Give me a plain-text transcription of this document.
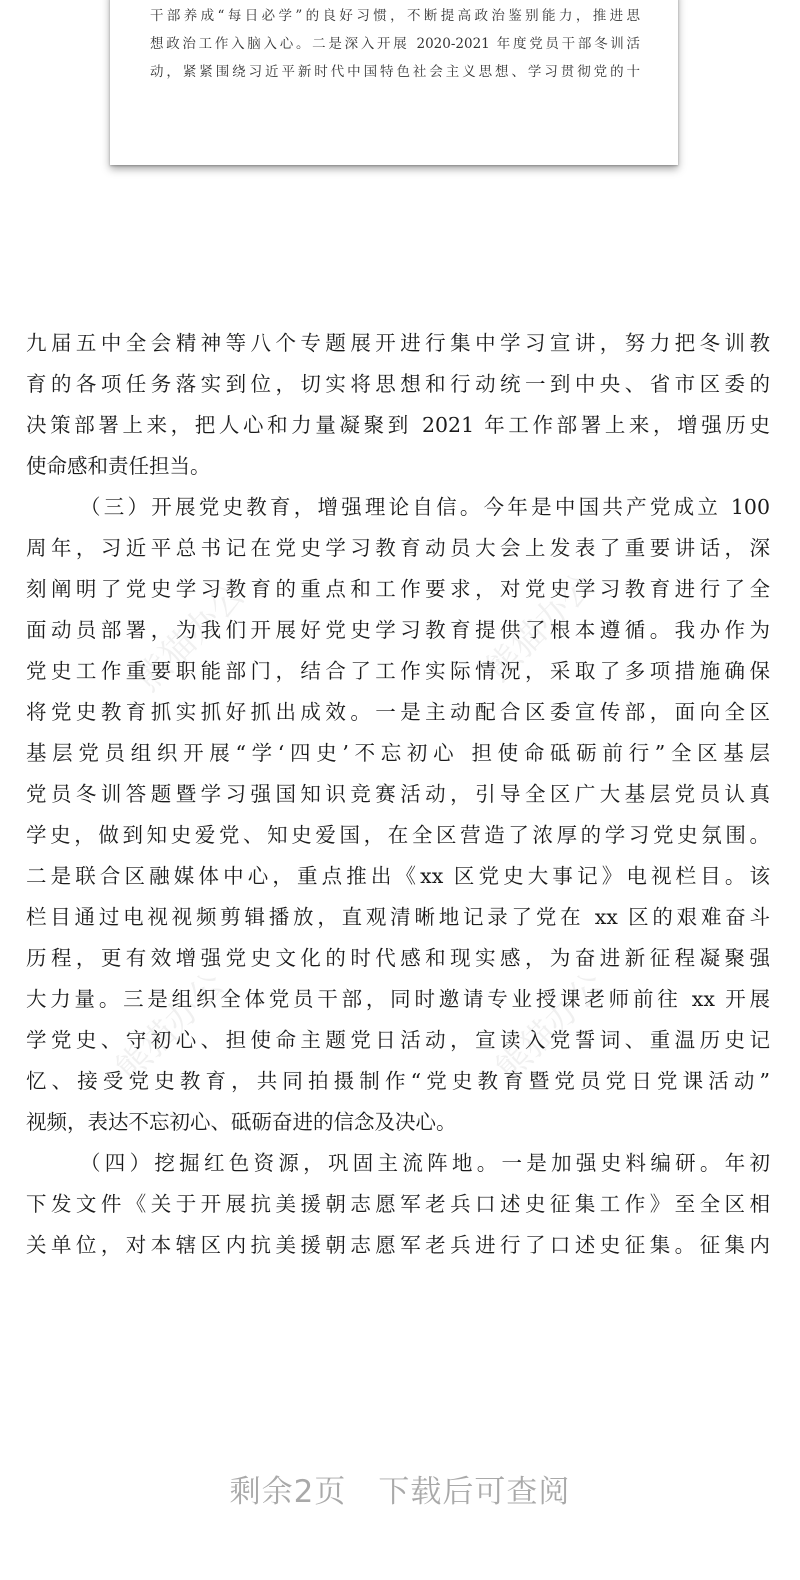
干部养成“每日必学”的良好习惯，不断提高政治鉴别能力，推进思
想政治工作入脑入心。二是深入开展 2020-2021 年度党员干部冬训活
动，紧紧围绕习近平新时代中国特色社会主义思想、学习贯彻党的十
熊猫办公	熊猫办公
熊猫办公	熊猫办公
九届五中全会精神等八个专题展开进行集中学习宣讲，努力把冬训教
育的各项任务落实到位，切实将思想和行动统一到中央、省市区委的
决策部署上来，把人心和力量凝聚到 2021 年工作部署上来，增强历史
使命感和责任担当。
（三）开展党史教育，增强理论自信。今年是中国共产党成立 100
周年，习近平总书记在党史学习教育动员大会上发表了重要讲话，深
刻阐明了党史学习教育的重点和工作要求，对党史学习教育进行了全
面动员部署，为我们开展好党史学习教育提供了根本遵循。我办作为
党史工作重要职能部门，结合了工作实际情况，采取了多项措施确保
将党史教育抓实抓好抓出成效。一是主动配合区委宣传部，面向全区
基层党员组织开展“学‘四史’不忘初心 担使命砥砺前行”全区基层
党员冬训答题暨学习强国知识竞赛活动，引导全区广大基层党员认真
学史，做到知史爱党、知史爱国，在全区营造了浓厚的学习党史氛围。
二是联合区融媒体中心，重点推出《xx 区党史大事记》电视栏目。该
栏目通过电视视频剪辑播放，直观清晰地记录了党在 xx 区的艰难奋斗
历程，更有效增强党史文化的时代感和现实感，为奋进新征程凝聚强
大力量。三是组织全体党员干部，同时邀请专业授课老师前往 xx 开展
学党史、守初心、担使命主题党日活动，宣读入党誓词、重温历史记
忆、接受党史教育，共同拍摄制作“党史教育暨党员党日党课活动”
视频，表达不忘初心、砥砺奋进的信念及决心。
（四）挖掘红色资源，巩固主流阵地。一是加强史料编研。年初
下发文件《关于开展抗美援朝志愿军老兵口述史征集工作》至全区相
关单位，对本辖区内抗美援朝志愿军老兵进行了口述史征集。征集内
剩余2页　下载后可查阅
